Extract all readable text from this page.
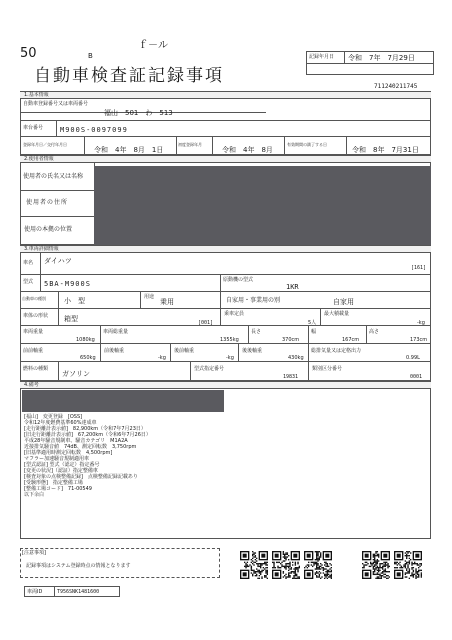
50	B
ｆ－ル
自動車検査証記録事項
記録年月日 令和　7年　7月29日
711240211745
1.基本情報
自動車登録番号又は車両番号
福山　501　わ　513
車台番号 M900S-0097099
登録年月日／交付年月日
令和　4年　8月　1日
初度登録年月
令和　4年　8月
有効期間の満了する日
令和　8年　7月31日
2.使用者情報
使用者の氏名又は名称
使用者の住所
使用の本拠の位置
3.車両詳細情報
車名 ダイハツ
[161]
型式 5BA-M900S	原動機の型式
1KR
自動車の種別	小　型	用途
乗用	自家用・事業用の別	自家用
車体の形状 箱型	[001]
乗車定員
5人
最大積載量
-kg
車両重量
1080kg
車両総重量
1355kg
長さ
370cm
幅
167cm
高さ
173cm
前前軸重
650kg
前後軸重
-kg
後前軸重
-kg
後後軸重
430kg
総排気量又は定格出力
0.99L
燃料の種類
ガソリン
型式指定番号
19831
類別区分番号
0001
4.備考
[福山]　変更登録　[OSS]
令和12年度燃費基準60%達成車
[走行距離計表示値]　82,900km（令和7年7月23日）
[旧走行距離計表示値]　67,200km（令和6年7月26日）
平成28年騒音規制車、騒音カテゴリ　M1A2A
近接排気騒音値　74dB、測定回転数　3,750rpm
[旧基準適用時測定回転数　4,500rpm]
マフラー加速騒音規制適用車
[型式認証] 型式（認定）指定番号
[変更の状況]（認証）指定整備車
[検査対象の点検整備記録]　点検整備記録記載あり
[受験形態]　指定整備工場
[整備工場コード]　71-00549
以下余白
[注意事項]
記録事項はシステム登録時点の情報となります
車両ID	T956SNK1481600
